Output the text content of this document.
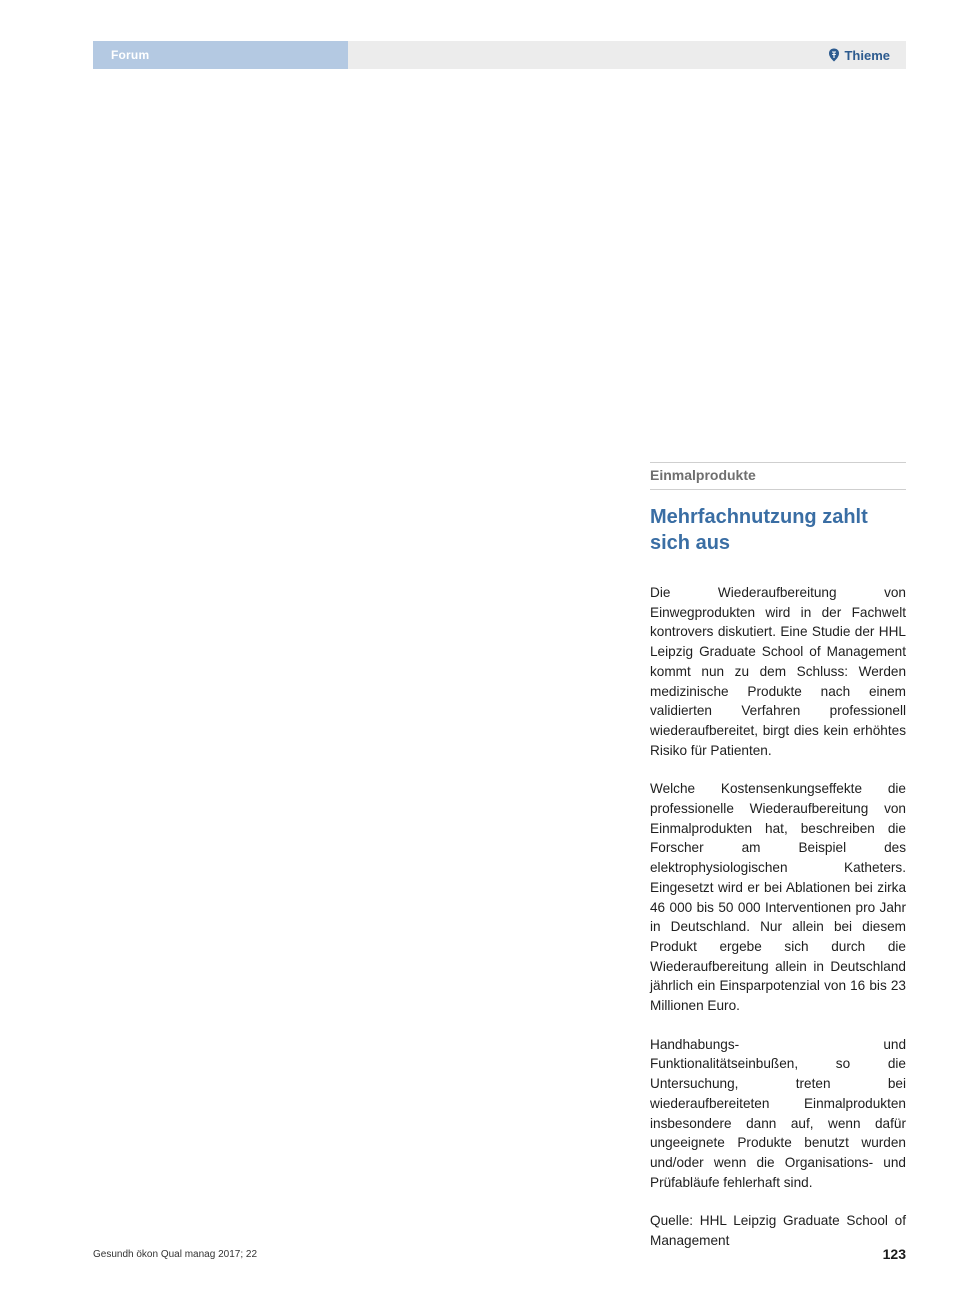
Forum	Thieme
Einmalprodukte
Mehrfachnutzung zahlt sich aus

Die Wiederaufbereitung von Einwegprodukten wird in der Fachwelt kontrovers diskutiert. Eine Studie der HHL Leipzig Graduate School of Management kommt nun zu dem Schluss: Werden medizinische Produkte nach einem validierten Verfahren professionell wiederaufbereitet, birgt dies kein erhöhtes Risiko für Patienten.

Welche Kostensenkungseffekte die professionelle Wiederaufbereitung von Einmalprodukten hat, beschreiben die Forscher am Beispiel des elektrophysiologischen Katheters. Eingesetzt wird er bei Ablationen bei zirka 46 000 bis 50 000 Interventionen pro Jahr in Deutschland. Nur allein bei diesem Produkt ergebe sich durch die Wiederaufbereitung allein in Deutschland jährlich ein Einsparpotenzial von 16 bis 23 Millionen Euro.

Handhabungs- und Funktionalitätseinbußen, so die Untersuchung, treten bei wiederaufbereiteten Einmalprodukten insbesondere dann auf, wenn dafür ungeeignete Produkte benutzt wurden und/oder wenn die Organisations- und Prüfabläufe fehlerhaft sind.

Quelle: HHL Leipzig Graduate School of Management

Gesundh ökon Qual manag 2017; 22	123
